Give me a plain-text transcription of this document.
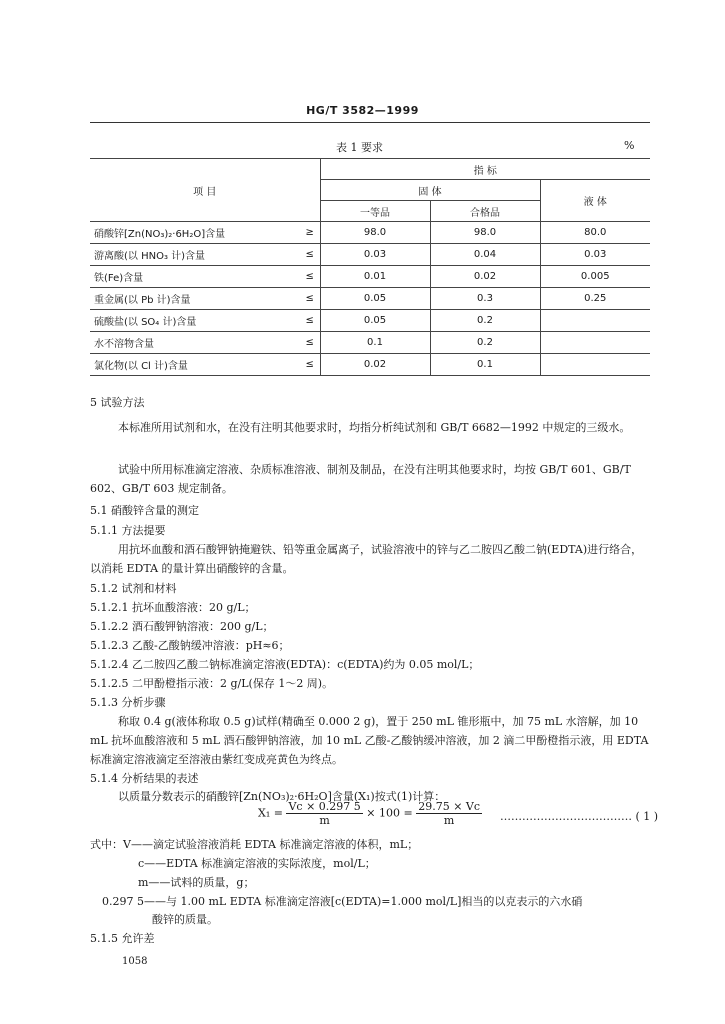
HG/T 3582—1999
表 1 要求	%
项 目		指 标		
		固 体		液 体
		一等品	合格品	
硝酸锌[Zn(NO₃)₂·6H₂O]含量	≥	98.0	98.0	80.0
游离酸(以 HNO₃ 计)含量	≤	0.03	0.04	0.03
铁(Fe)含量	≤	0.01	0.02	0.005
重金属(以 Pb 计)含量	≤	0.05	0.3	0.25
硫酸盐(以 SO₄ 计)含量	≤	0.05	0.2	
水不溶物含量	≤	0.1	0.2	
氯化物(以 Cl 计)含量	≤	0.02	0.1	
5 试验方法
本标准所用试剂和水，在没有注明其他要求时，均指分析纯试剂和 GB/T 6682—1992 中规定的三级水。
试验中所用标准滴定溶液、杂质标准溶液、制剂及制品，在没有注明其他要求时，均按 GB/T 601、GB/T 602、GB/T 603 规定制备。
5.1 硝酸锌含量的测定
5.1.1 方法提要
用抗坏血酸和酒石酸钾钠掩避铁、铅等重金属离子，试验溶液中的锌与乙二胺四乙酸二钠(EDTA)进行络合，以消耗 EDTA 的量计算出硝酸锌的含量。
5.1.2 试剂和材料
5.1.2.1 抗坏血酸溶液：20 g/L；
5.1.2.2 酒石酸钾钠溶液：200 g/L；
5.1.2.3 乙酸-乙酸钠缓冲溶液：pH≈6；
5.1.2.4 乙二胺四乙酸二钠标准滴定溶液(EDTA)：c(EDTA)约为 0.05 mol/L；
5.1.2.5 二甲酚橙指示液：2 g/L(保存 1～2 周)。
5.1.3 分析步骤
称取 0.4 g(液体称取 0.5 g)试样(精确至 0.000 2 g)，置于 250 mL 锥形瓶中，加 75 mL 水溶解，加 10 mL 抗坏血酸溶液和 5 mL 酒石酸钾钠溶液，加 10 mL 乙酸-乙酸钠缓冲溶液，加 2 滴二甲酚橙指示液，用 EDTA 标准滴定溶液滴定至溶液由紫红变成亮黄色为终点。
5.1.4 分析结果的表述
以质量分数表示的硝酸锌[Zn(NO₃)₂·6H₂O]含量(X₁)按式(1)计算：
$X_1 = \frac{Vc \times 0.297 5}{m} \times 100 = \frac{29.75 \times Vc}{m}$ ……………………………… ( 1 )
式中：V——滴定试验溶液消耗 EDTA 标准滴定溶液的体积，mL；
c——EDTA 标准滴定溶液的实际浓度，mol/L；
m——试料的质量，g；
0.297 5——与 1.00 mL EDTA 标准滴定溶液[c(EDTA)=1.000 mol/L]相当的以克表示的六水硝
酸锌的质量。
5.1.5 允许差
1058
